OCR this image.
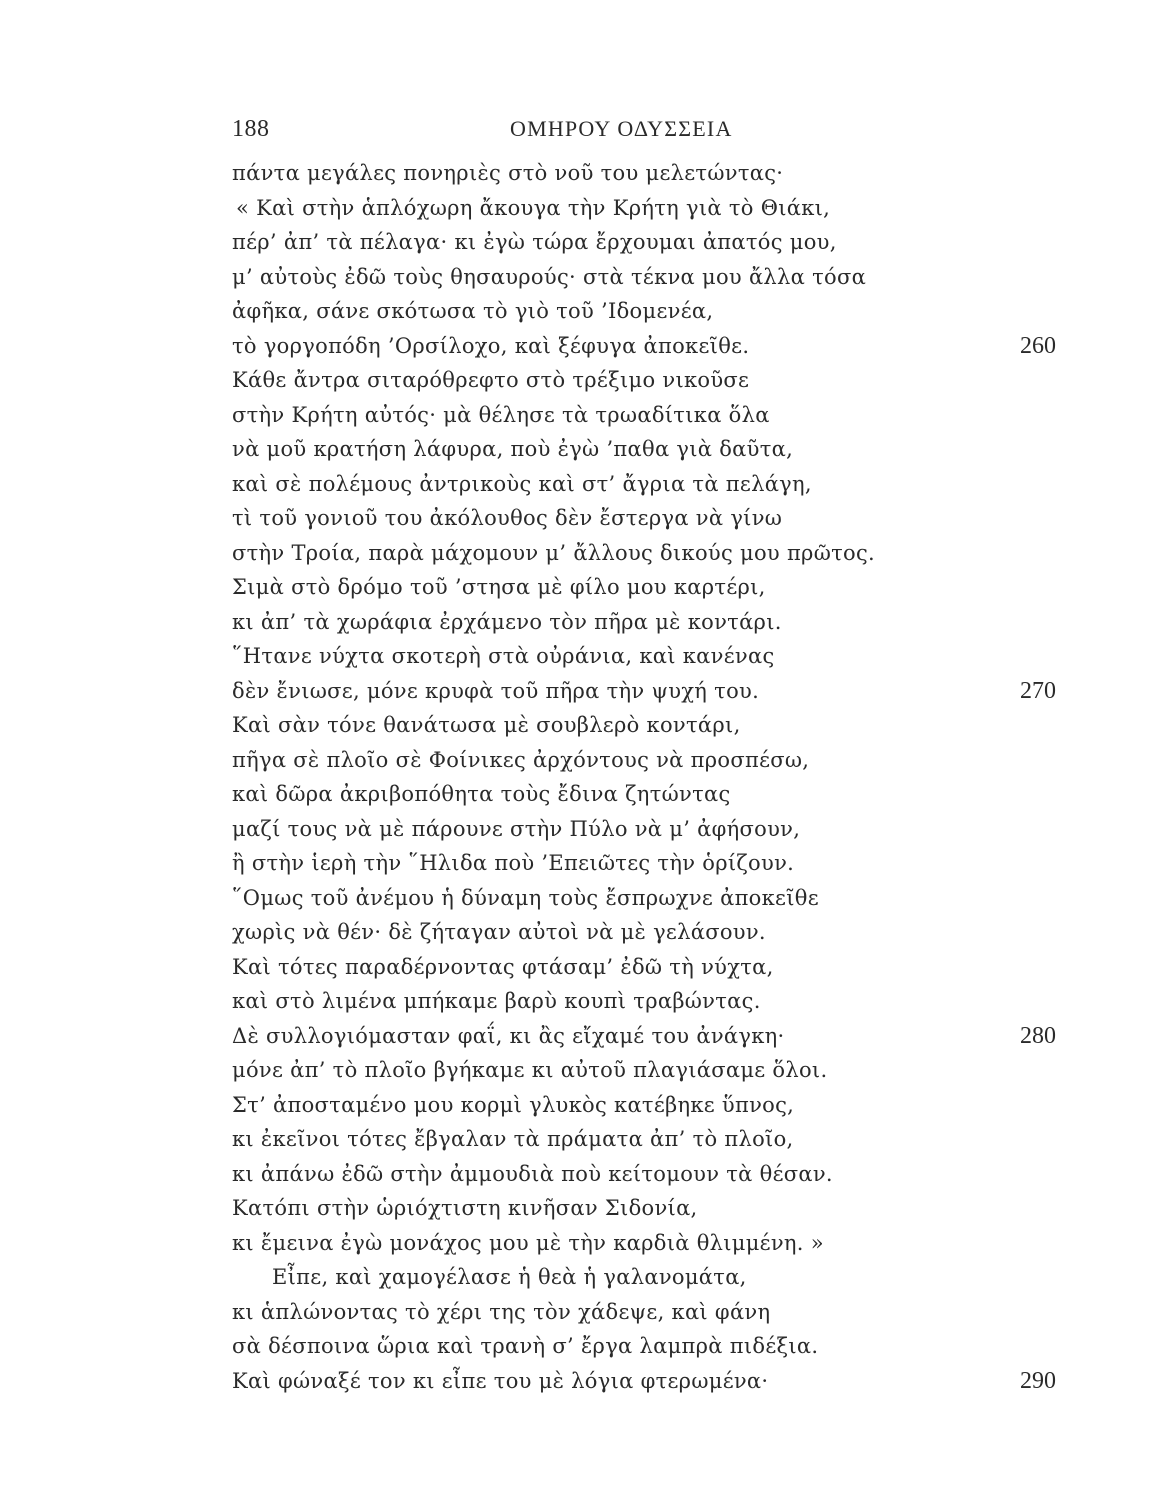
188	ΟΜΗΡΟΥ ΟΔΥΣΣΕΙΑ
πάντα μεγάλες πονηριὲς στὸ νοῦ του μελετώντας·
« Καὶ στὴν ἁπλόχωρη ἄκουγα τὴν Κρήτη γιὰ τὸ Θιάκι,
πέρ’ ἀπ’ τὰ πέλαγα· κι ἐγὼ τώρα ἔρχουμαι ἀπατός μου,
μ’ αὐτοὺς ἐδῶ τοὺς θησαυρούς· στὰ τέκνα μου ἄλλα τόσα
ἀφῆκα, σάνε σκότωσα τὸ γιὸ τοῦ ’Ιδομενέα,
τὸ γοργοπόδη ’Ορσίλοχο, καὶ ξέφυγα ἀποκεῖθε.	260
Κάθε ἄντρα σιταρόθρεφτο στὸ τρέξιμο νικοῦσε
στὴν Κρήτη αὐτός· μὰ θέλησε τὰ τρωαδίτικα ὅλα
νὰ μοῦ κρατήση λάφυρα, ποὺ ἐγὼ ’παθα γιὰ δαῦτα,
καὶ σὲ πολέμους ἀντρικοὺς καὶ στ’ ἄγρια τὰ πελάγη,
τὶ τοῦ γονιοῦ του ἀκόλουθος δὲν ἔστεργα νὰ γίνω
στὴν Τροία, παρὰ μάχομουν μ’ ἄλλους δικούς μου πρῶτος.
Σιμὰ στὸ δρόμο τοῦ ’στησα μὲ φίλο μου καρτέρι,
κι ἀπ’ τὰ χωράφια ἐρχάμενο τὸν πῆρα μὲ κοντάρι.
῞Ητανε νύχτα σκοτερὴ στὰ οὐράνια, καὶ κανένας
δὲν ἔνιωσε, μόνε κρυφὰ τοῦ πῆρα τὴν ψυχή του.	270
Καὶ σὰν τόνε θανάτωσα μὲ σουβλερὸ κοντάρι,
πῆγα σὲ πλοῖο σὲ Φοίνικες ἀρχόντους νὰ προσπέσω,
καὶ δῶρα ἀκριβοπόθητα τοὺς ἔδινα ζητώντας
μαζί τους νὰ μὲ πάρουνε στὴν Πύλο νὰ μ’ ἀφήσουν,
ἢ στὴν ἱερὴ τὴν ῞Ηλιδα ποὺ ’Επειῶτες τὴν ὁρίζουν.
῞Ομως τοῦ ἀνέμου ἡ δύναμη τοὺς ἔσπρωχνε ἀποκεῖθε
χωρὶς νὰ θέν· δὲ ζήταγαν αὐτοὶ νὰ μὲ γελάσουν.
Καὶ τότες παραδέρνοντας φτάσαμ’ ἐδῶ τὴ νύχτα,
καὶ στὸ λιμένα μπήκαμε βαρὺ κουπὶ τραβώντας.
Δὲ συλλογιόμασταν φαΐ, κι ἂς εἴχαμέ του ἀνάγκη·	280
μόνε ἀπ’ τὸ πλοῖο βγήκαμε κι αὐτοῦ πλαγιάσαμε ὅλοι.
Στ’ ἀποσταμένο μου κορμὶ γλυκὸς κατέβηκε ὕπνος,
κι ἐκεῖνοι τότες ἔβγαλαν τὰ πράματα ἀπ’ τὸ πλοῖο,
κι ἀπάνω ἐδῶ στὴν ἀμμουδιὰ ποὺ κείτομουν τὰ θέσαν.
Κατόπι στὴν ὡριόχτιστη κινῆσαν Σιδονία,
κι ἔμεινα ἐγὼ μονάχος μου μὲ τὴν καρδιὰ θλιμμένη. »
Εἶπε, καὶ χαμογέλασε ἡ θεὰ ἡ γαλανομάτα,
κι ἁπλώνοντας τὸ χέρι της τὸν χάδεψε, καὶ φάνη
σὰ δέσποινα ὥρια καὶ τρανὴ σ’ ἔργα λαμπρὰ πιδέξια.
Καὶ φώναξέ τον κι εἶπε του μὲ λόγια φτερωμένα·	290
